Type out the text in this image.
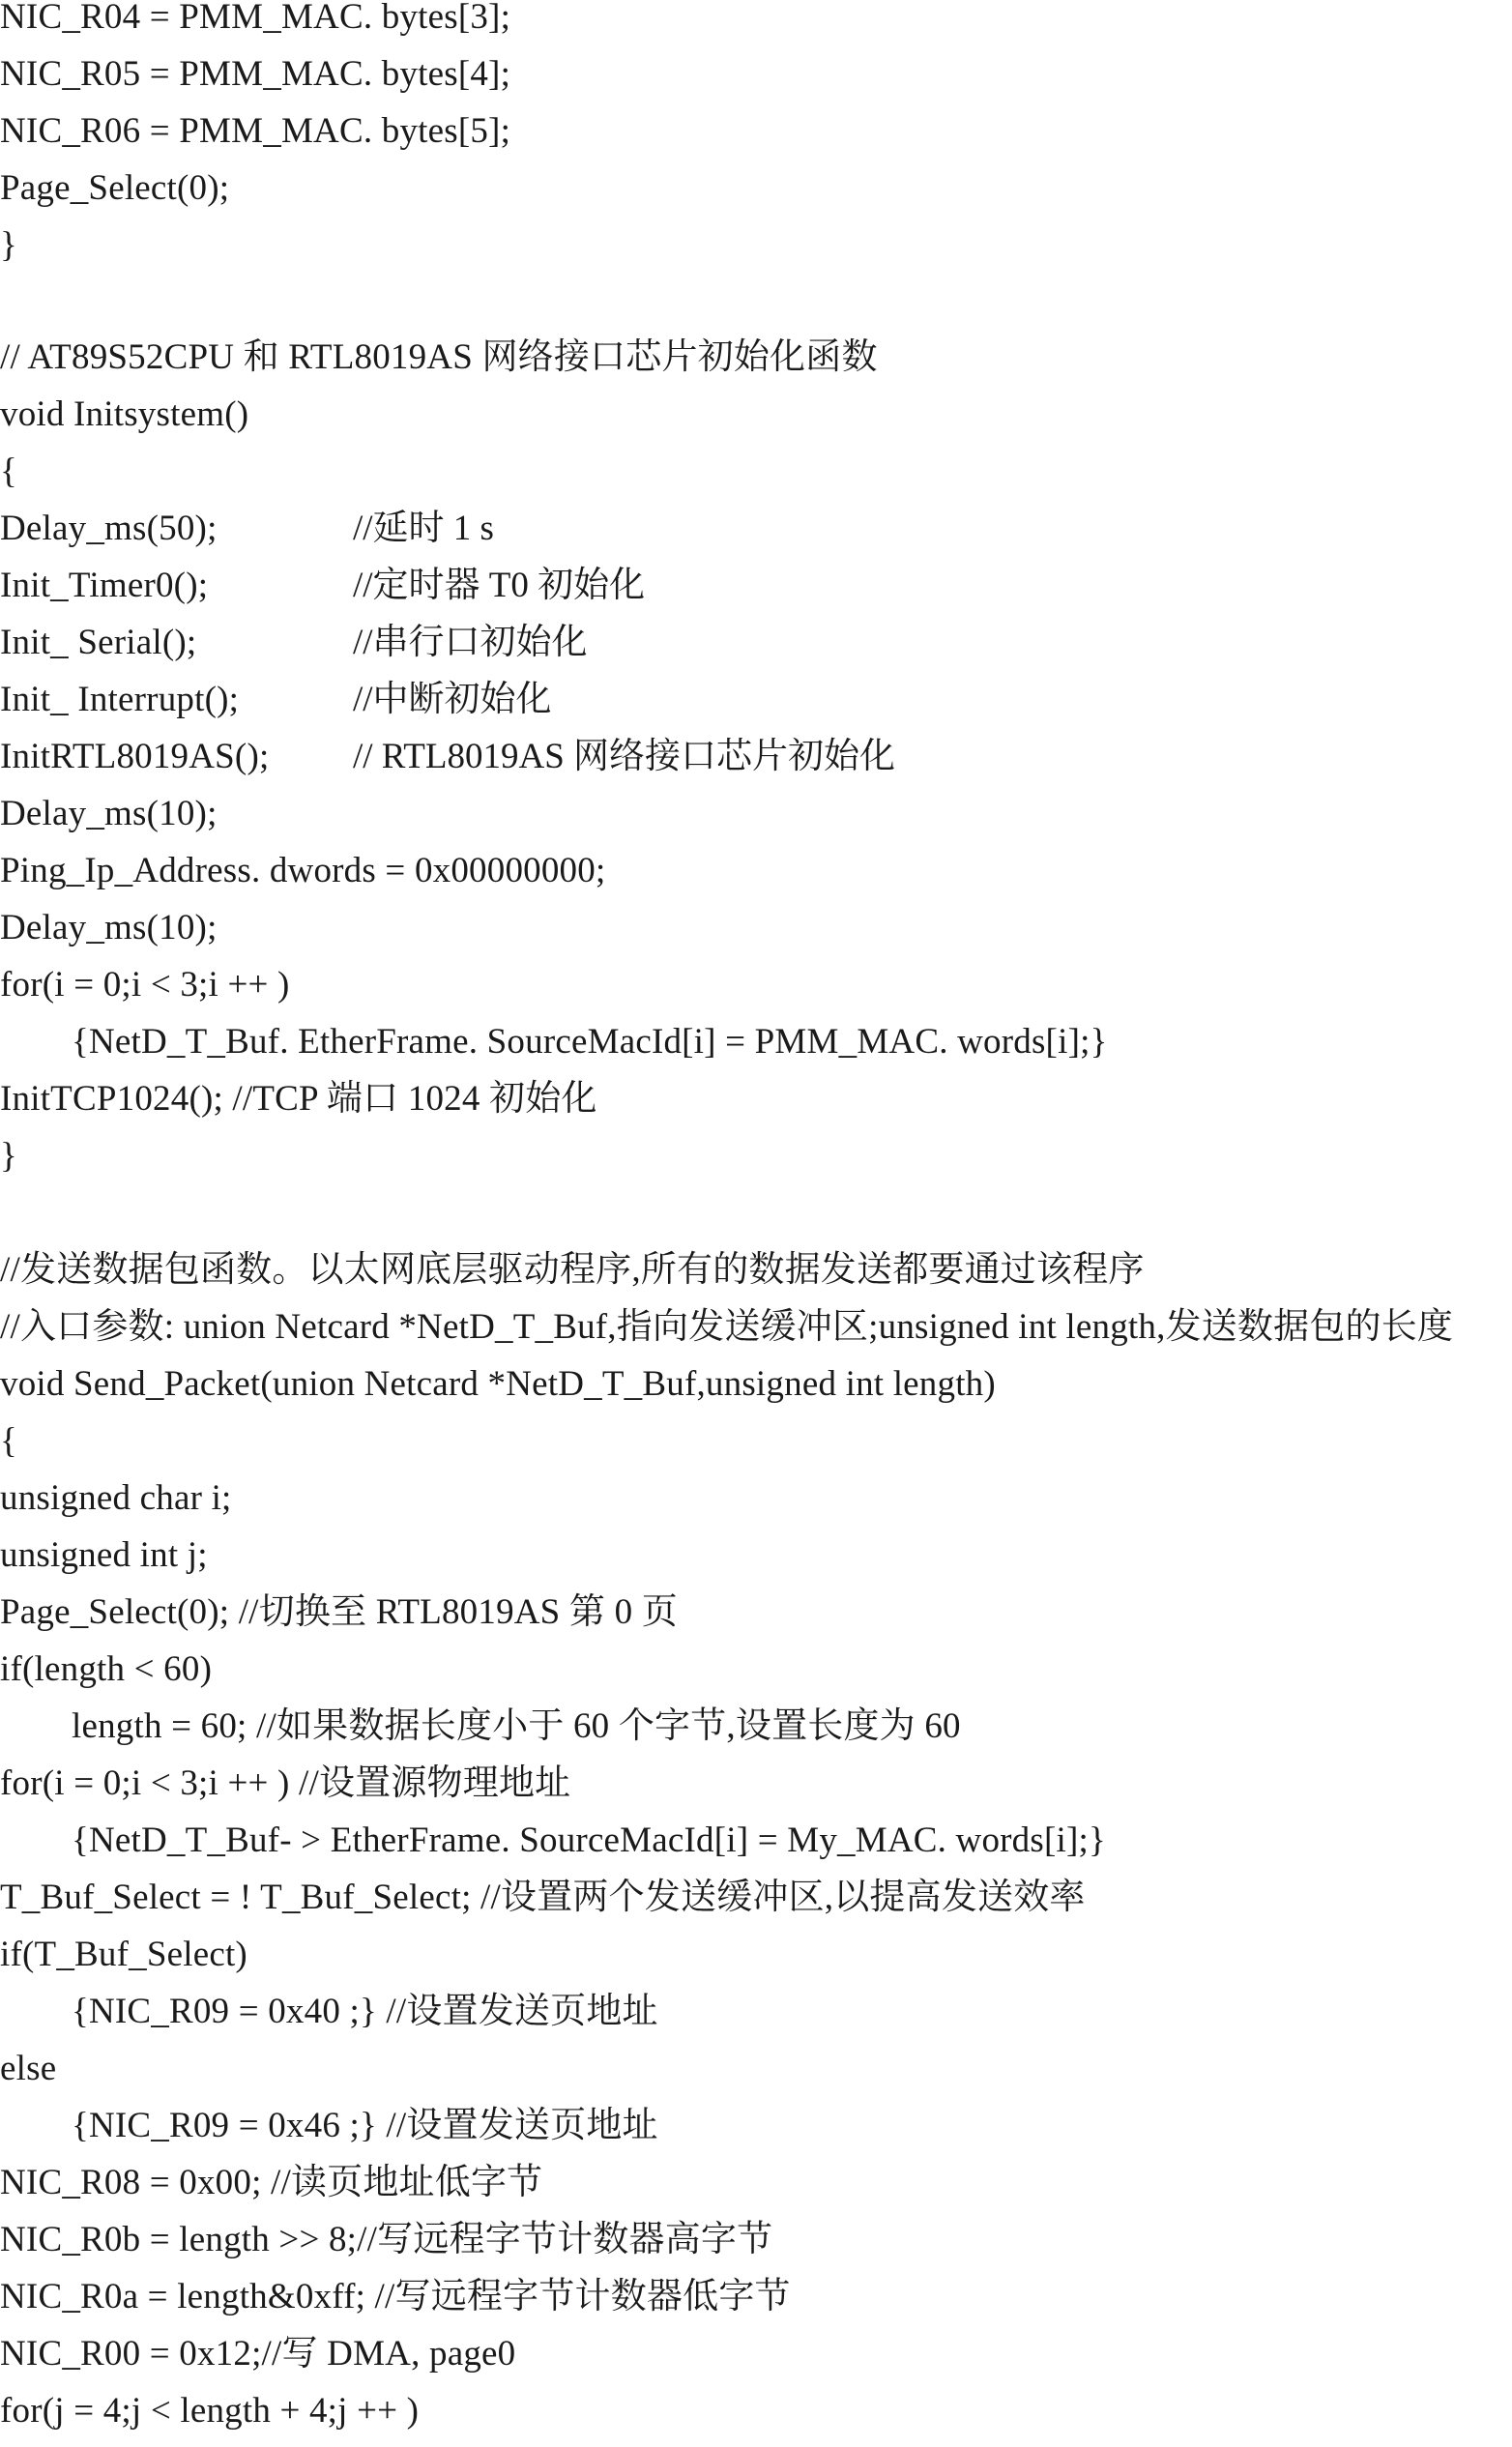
NIC_R04 = PMM_MAC. bytes[3];
NIC_R05 = PMM_MAC. bytes[4];
NIC_R06 = PMM_MAC. bytes[5];
Page_Select(0);
}
// AT89S52CPU 和 RTL8019AS 网络接口芯片初始化函数
void Initsystem()
{
Delay_ms(50);	//延时 1 s
Init_Timer0();	//定时器 T0 初始化
Init_ Serial();	//串行口初始化
Init_ Interrupt();	//中断初始化
InitRTL8019AS(); // RTL8019AS 网络接口芯片初始化
Delay_ms(10);
Ping_Ip_Address. dwords = 0x00000000;
Delay_ms(10);
for(i = 0;i < 3;i ++ )
{NetD_T_Buf. EtherFrame. SourceMacId[i] = PMM_MAC. words[i];}
InitTCP1024(); //TCP 端口 1024 初始化
}
//发送数据包函数。以太网底层驱动程序,所有的数据发送都要通过该程序
//入口参数: union Netcard *NetD_T_Buf,指向发送缓冲区;unsigned int length,发送数据包的长度
void Send_Packet(union Netcard *NetD_T_Buf,unsigned int length)
{
unsigned char i;
unsigned int j;
Page_Select(0); //切换至 RTL8019AS 第 0 页
if(length < 60)
length = 60; //如果数据长度小于 60 个字节,设置长度为 60
for(i = 0;i < 3;i ++ ) //设置源物理地址
{NetD_T_Buf- > EtherFrame. SourceMacId[i] = My_MAC. words[i];}
T_Buf_Select = ! T_Buf_Select; //设置两个发送缓冲区,以提高发送效率
if(T_Buf_Select)
{NIC_R09 = 0x40 ;} //设置发送页地址
else
{NIC_R09 = 0x46 ;} //设置发送页地址
NIC_R08 = 0x00; //读页地址低字节
NIC_R0b = length >> 8;//写远程字节计数器高字节
NIC_R0a = length&0xff; //写远程字节计数器低字节
NIC_R00 = 0x12;//写 DMA, page0
for(j = 4;j < length + 4;j ++ )
